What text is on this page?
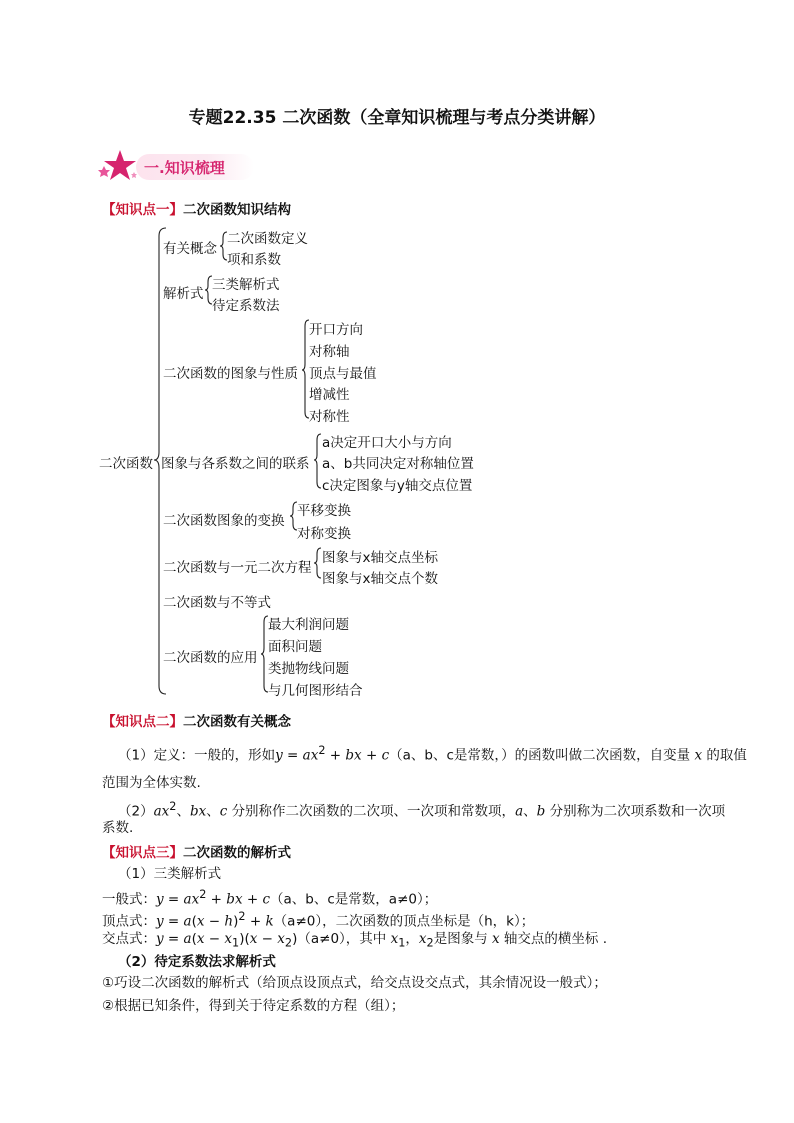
专题22.35 二次函数（全章知识梳理与考点分类讲解）
一.知识梳理
【知识点一】二次函数知识结构
二次函数
有关概念
二次函数定义
项和系数
解析式
三类解析式
待定系数法
二次函数的图象与性质
开口方向
对称轴
顶点与最值
增减性
对称性
图象与各系数之间的联系
a决定开口大小与方向
a、b共同决定对称轴位置
c决定图象与y轴交点位置
二次函数图象的变换
平移变换
对称变换
二次函数与一元二次方程
图象与x轴交点坐标
图象与x轴交点个数
二次函数与不等式
二次函数的应用
最大利润问题
面积问题
类抛物线问题
与几何图形结合
【知识点二】二次函数有关概念
（1）定义：一般的，形如$y = ax^2$ + bx + c（a、b、c是常数，）的函数叫做二次函数，自变量 x 的取值
范围为全体实数.
$(2)ax^2$、bx、c 分别称作二次函数的二次项、一次项和常数项，a、b 分别称为二次项系数和一次项
系数.
【知识点三】二次函数的解析式
（1）三类解析式
一般式：$y = ax^2$ + bx + c（a、b、c是常数，a≠0）；
顶点式：$y = a(x - h)^2 + k(a\ne 0)$，二次函数的顶点坐标是（h，k）；
交点式：$y = a(x - x_1)(x - x_2)(a\ne 0)$，其中 $x_1$，$x_2$是图象与 x 轴交点的横坐标 .
（2）待定系数法求解析式
①巧设二次函数的解析式（给顶点设顶点式，给交点设交点式，其余情况设一般式）；
②根据已知条件，得到关于待定系数的方程（组）；
